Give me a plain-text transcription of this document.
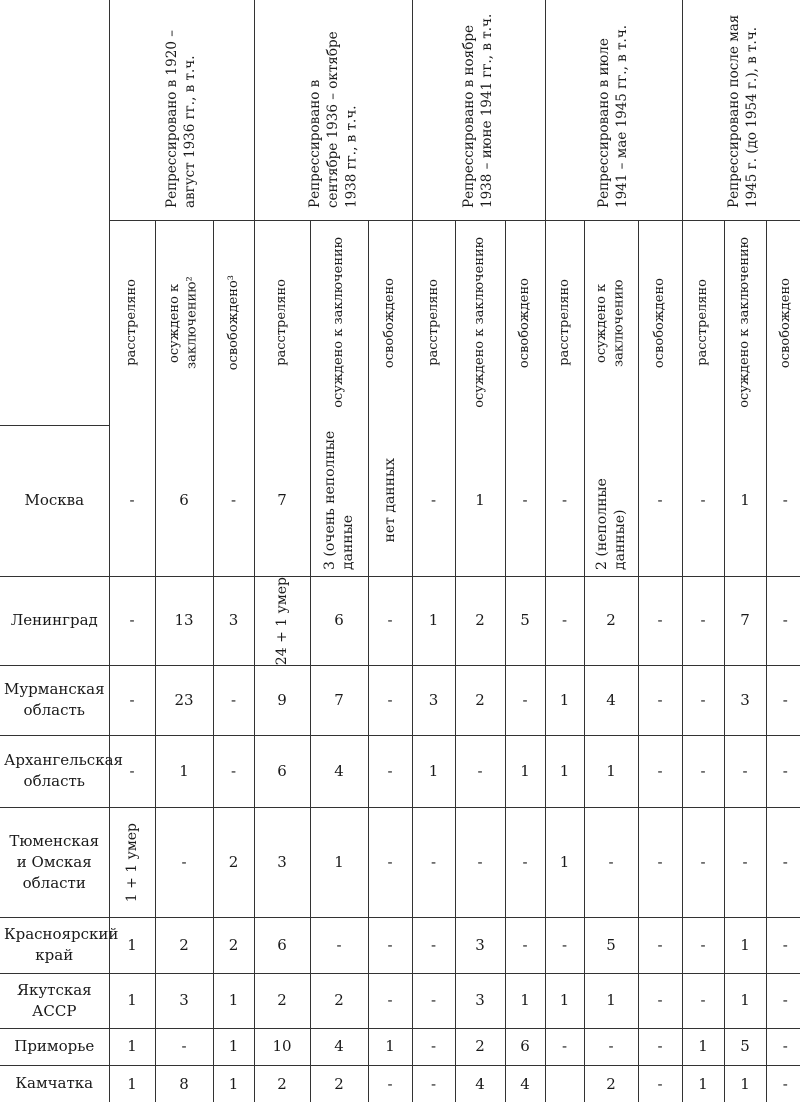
	Репрессировано в 1920 – август 1936 гг., в т.ч.			Репрессировано в сентябре 1936 – октябре 1938 гг., в т.ч.			Репрессировано в ноябре 1938 – июне 1941 гг., в т.ч.			Репрессировано в июле 1941 – мае 1945 гг., в т.ч.			Репрессировано после мая 1945 г. (до 1954 г.), в т.ч.		

	расстреляно	осуждено к заключению²	освобождено³	расстреляно	осуждено к заключению	освобождено	расстреляно	осуждено к заключению	освобождено	расстреляно	осуждено к заключению	освобождено	расстреляно	осуждено к заключению	освобождено

Москва	-	6	-	7	3 (очень неполные данные	нет данных	-	1	-	-	2 (неполные данные)	-	-	1	-

Ленинград	-	13	3	24 + 1 умер	6	-	1	2	5	-	2	-	-	7	-

Мурманская область	-	23	-	9	7	-	3	2	-	1	4	-	-	3	-

Архангельская область	-	1	-	6	4	-	1	-	1	1	1	-	-	-	-

Тюменская и Омская области	1 + 1 умер	-	2	3	1	-	-	-	-	1	-	-	-	-	-

Красноярский край	1	2	2	6	-	-	-	3	-	-	5	-	-	1	-

Якутская АССР	1	3	1	2	2	-	-	3	1	1	1	-	-	1	-

Приморье	1	-	1	10	4	1	-	2	6	-	-	-	1	5	-

Камчатка	1	8	1	2	2	-	-	4	4		2	-	1	1	-
